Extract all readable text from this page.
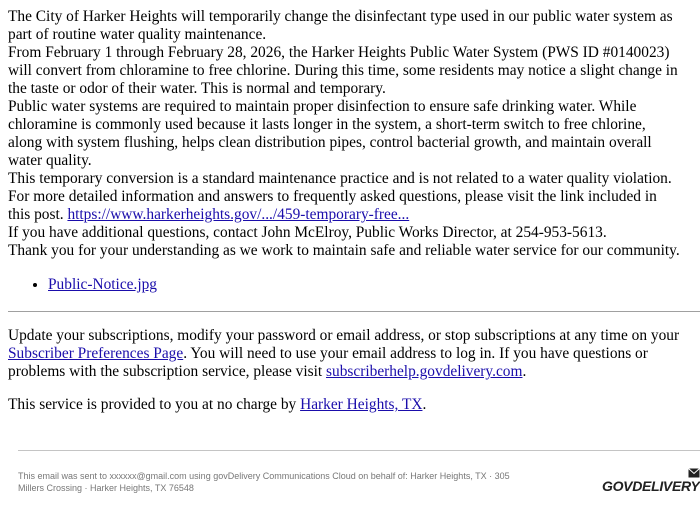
The City of Harker Heights will temporarily change the disinfectant type used in our public water system as

part of routine water quality maintenance.

From February 1 through February 28, 2026, the Harker Heights Public Water System (PWS ID #0140023)

will convert from chloramine to free chlorine. During this time, some residents may notice a slight change in

the taste or odor of their water. This is normal and temporary.

Public water systems are required to maintain proper disinfection to ensure safe drinking water. While

chloramine is commonly used because it lasts longer in the system, a short-term switch to free chlorine,

along with system flushing, helps clean distribution pipes, control bacterial growth, and maintain overall

water quality.

This temporary conversion is a standard maintenance practice and is not related to a water quality violation.

For more detailed information and answers to frequently asked questions, please visit the link included in

this post. https://www.harkerheights.gov/.../459-temporary-free...

If you have additional questions, contact John McElroy, Public Works Director, at 254-953-5613.

Thank you for your understanding as we work to maintain safe and reliable water service for our community.

• Public-Notice.jpg

Update your subscriptions, modify your password or email address, or stop subscriptions at any time on your

Subscriber Preferences Page. You will need to use your email address to log in. If you have questions or

problems with the subscription service, please visit subscriberhelp.govdelivery.com.

This service is provided to you at no charge by Harker Heights, TX.

This email was sent to xxxxxx@gmail.com using govDelivery Communications Cloud on behalf of: Harker Heights, TX · 305
Millers Crossing · Harker Heights, TX 76548	GOVDELIVERY
